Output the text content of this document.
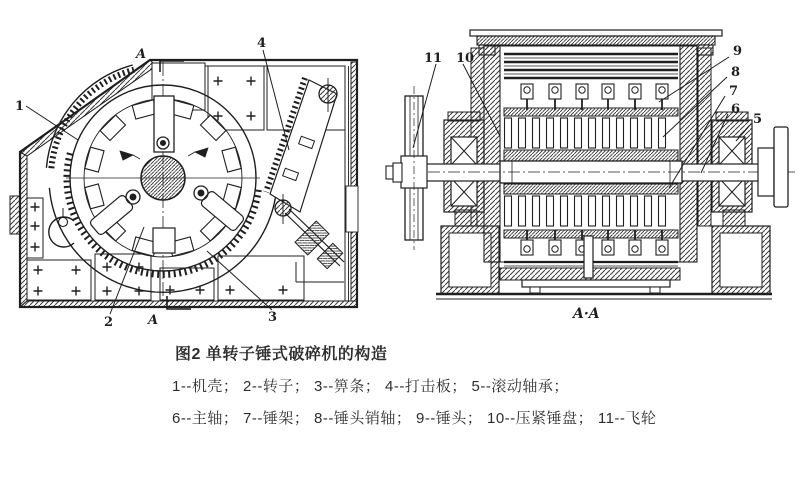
1
4
2	3
A
A
11 10	9
8
7
6
5
A·A
图2 单转子锤式破碎机的构造
1--机壳； 2--转子； 3--箅条； 4--打击板； 5--滚动轴承；
6--主轴； 7--锤架； 8--锤头销轴； 9--锤头； 10--压紧锤盘； 11--飞轮
